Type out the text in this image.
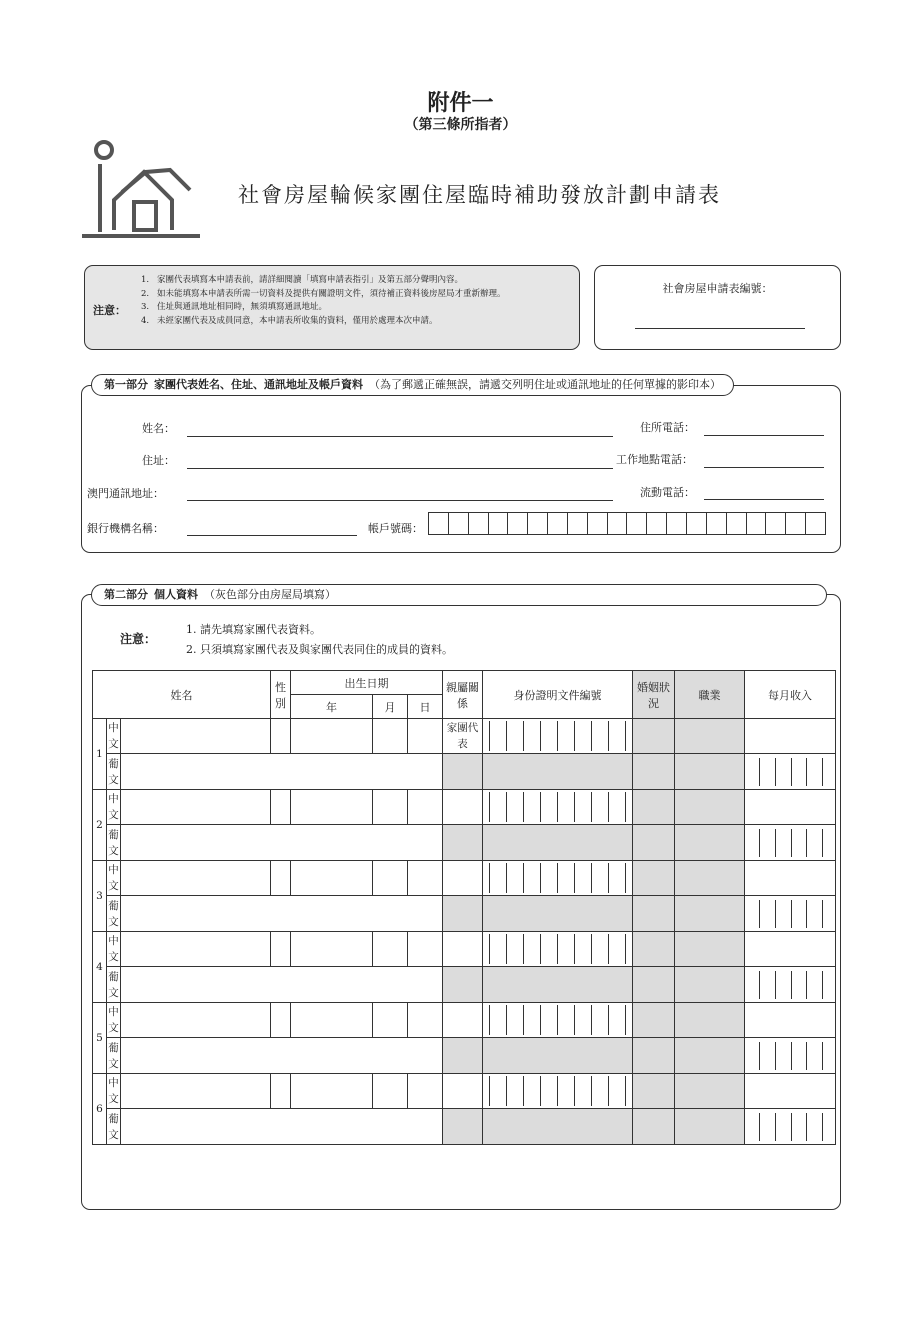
附件一
（第三條所指者）
社會房屋輪候家團住屋臨時補助發放計劃申請表
注意：
1. 家團代表填寫本申請表前，請詳細閱讀「填寫申請表指引」及第五部分聲明內容。
2. 如未能填寫本申請表所需一切資料及提供有關證明文件，須待補正資料後房屋局才重新辦理。
3. 住址與通訊地址相同時，無須填寫通訊地址。
4. 未經家團代表及成員同意，本申請表所收集的資料，僅用於處理本次申請。
社會房屋申請表編號：
第一部分 家團代表姓名、住址、通訊地址及帳戶資料 （為了郵遞正確無誤，請遞交列明住址或通訊地址的任何單據的影印本）
姓名：	住所電話：
住址：	工作地點電話：
澳門通訊地址：	流動電話：
銀行機構名稱：	帳戶號碼：
第二部分 個人資料 （灰色部分由房屋局填寫）
注意：
1. 請先填寫家團代表資料。
2. 只須填寫家團代表及與家團代表同住的成員的資料。
姓名			性別	出生日期			親屬關係	身份證明文件編號	婚姻狀況	職業	每月收入
				年	月	日					
1	中文						家團代表	

	葡文										

2	中文							

	葡文										

3	中文							

	葡文										

4	中文							

	葡文										

5	中文							

	葡文										

6	中文							

	葡文										
